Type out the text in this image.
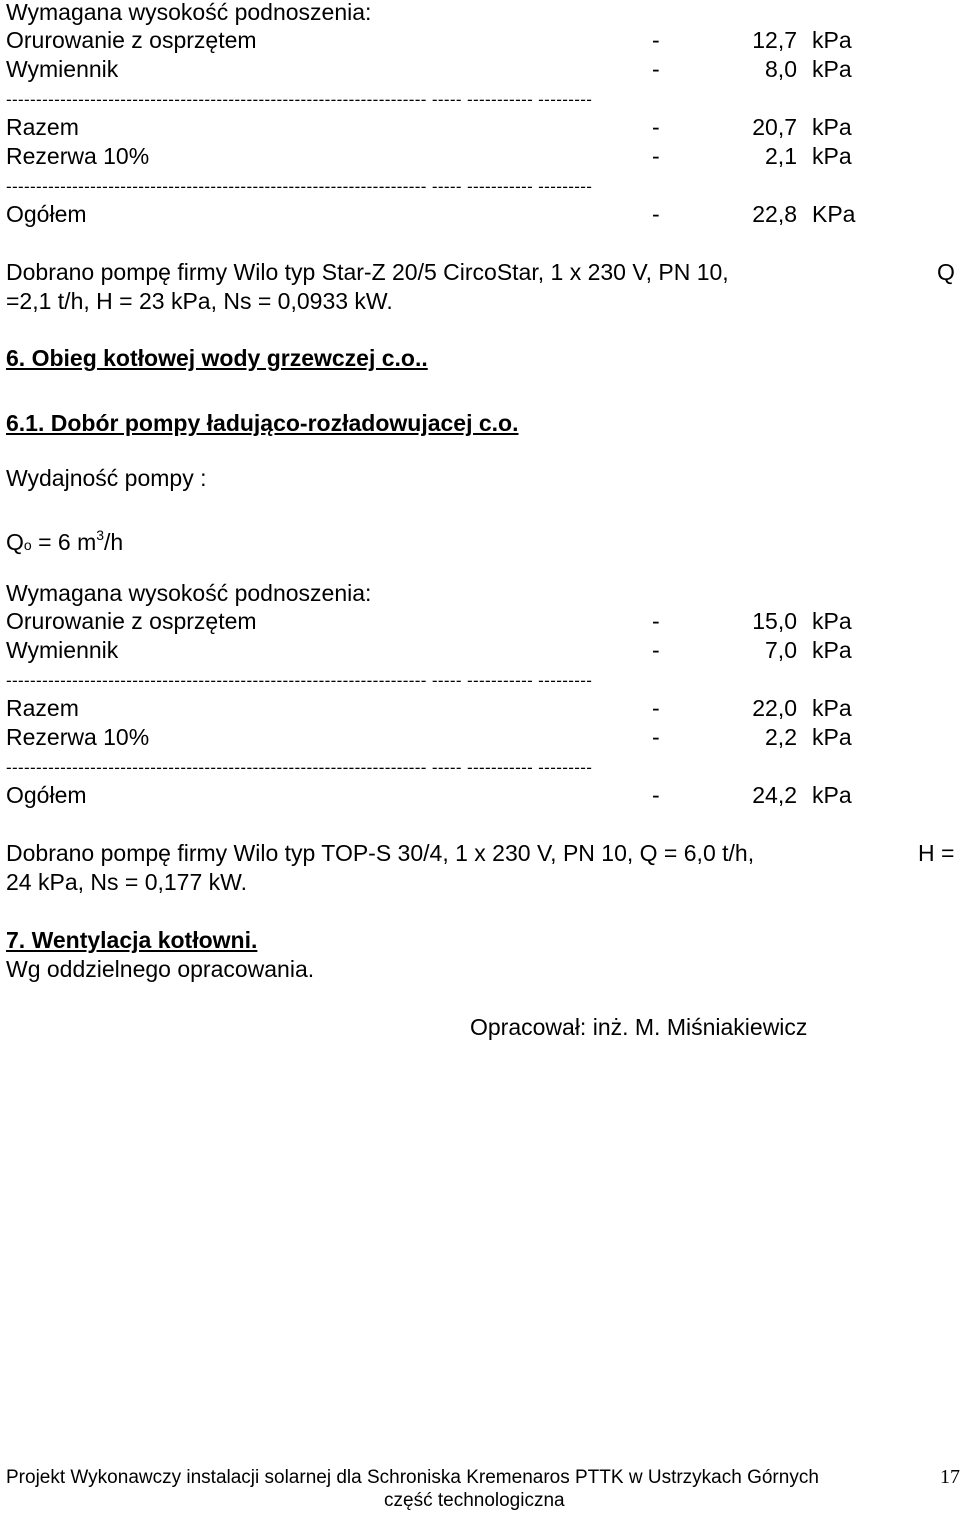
Wymagana wysokość podnoszenia:
Orurowanie z osprzętem	-	12,7 kPa
Wymiennik	-	8,0 kPa
---------------------------------------------------------------------- ----- ----------- ---------
Razem	-	20,7 kPa
Rezerwa 10%	-	2,1 kPa
---------------------------------------------------------------------- ----- ----------- ---------
Ogółem	-	22,8 KPa
Dobrano pompę firmy Wilo typ Star-Z 20/5 CircoStar, 1 x 230 V, PN 10,	Q
=2,1 t/h, H = 23 kPa, Ns = 0,0933 kW.
6. Obieg kotłowej wody grzewczej c.o..
6.1. Dobór pompy ładująco-rozładowujacej c.o.
Wydajność pompy :
Qo = 6 $m^3/h$
Wymagana wysokość podnoszenia:
Orurowanie z osprzętem	-	15,0 kPa
Wymiennik	-	7,0 kPa
---------------------------------------------------------------------- ----- ----------- ---------
Razem	-	22,0 kPa
Rezerwa 10%	-	2,2 kPa
---------------------------------------------------------------------- ----- ----------- ---------
Ogółem	-	24,2 kPa
Dobrano pompę firmy Wilo typ TOP-S 30/4, 1 x 230 V, PN 10, Q = 6,0 t/h,	H =
24 kPa, Ns = 0,177 kW.
7. Wentylacja kotłowni.
Wg oddzielnego opracowania.
Opracował: inż. M. Miśniakiewicz
Projekt Wykonawczy instalacji solarnej dla Schroniska Kremenaros PTTK w Ustrzykach Górnych
część technologiczna
17
